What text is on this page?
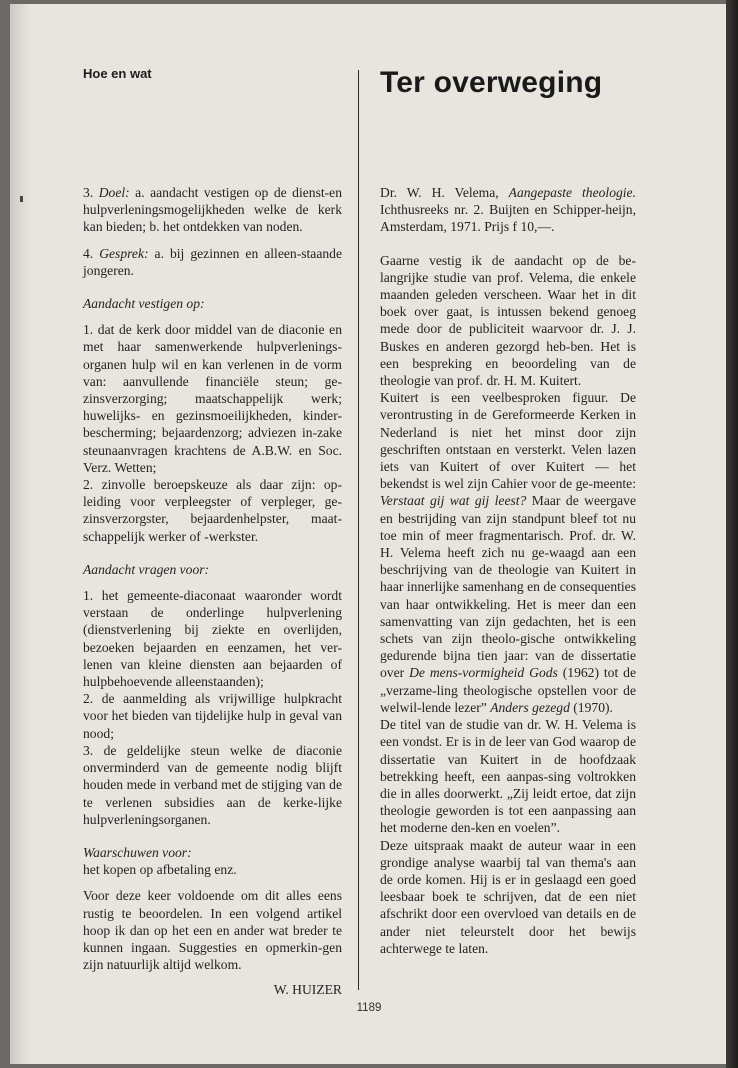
Hoe en wat	Ter overweging

3. Doel: a. aandacht vestigen op de dienst-en hulpverleningsmogelijkheden welke de kerk kan bieden; b. het ontdekken van noden.

4. Gesprek: a. bij gezinnen en alleen-staande jongeren.

Aandacht vestigen op:

1. dat de kerk door middel van de diaconie en met haar samenwerkende hulpverlenings-organen hulp wil en kan verlenen in de vorm van: aanvullende financiële steun; ge-zinsverzorging; maatschappelijk werk; huwelijks- en gezinsmoeilijkheden, kinder-bescherming; bejaardenzorg; adviezen in-zake steunaanvragen krachtens de A.B.W. en Soc. Verz. Wetten;

2. zinvolle beroepskeuze als daar zijn: op-leiding voor verpleegster of verpleger, ge-zinsverzorgster, bejaardenhelpster, maat-schappelijk werker of -werkster.

Aandacht vragen voor:

1. het gemeente-diaconaat waaronder wordt verstaan de onderlinge hulpverlening (dienstverlening bij ziekte en overlijden, bezoeken bejaarden en eenzamen, het ver-lenen van kleine diensten aan bejaarden of hulpbehoevende alleenstaanden);

2. de aanmelding als vrijwillige hulpkracht voor het bieden van tijdelijke hulp in geval van nood;

3. de geldelijke steun welke de diaconie onverminderd van de gemeente nodig blijft houden mede in verband met de stijging van de te verlenen subsidies aan de kerke-lijke hulpverleningsorganen.

Waarschuwen voor:

het kopen op afbetaling enz.

Voor deze keer voldoende om dit alles eens rustig te beoordelen. In een volgend artikel hoop ik dan op het een en ander wat breder te kunnen ingaan. Suggesties en opmerkin-gen zijn natuurlijk altijd welkom.

W. HUIZER

Dr. W. H. Velema, Aangepaste theologie. Ichthusreeks nr. 2. Buijten en Schipper-heijn, Amsterdam, 1971. Prijs f 10,—.

Gaarne vestig ik de aandacht op de be-langrijke studie van prof. Velema, die enkele maanden geleden verscheen. Waar het in dit boek over gaat, is intussen bekend genoeg mede door de publiciteit waarvoor dr. J. J. Buskes en anderen gezorgd heb-ben. Het is een bespreking en beoordeling van de theologie van prof. dr. H. M. Kuitert.

Kuitert is een veelbesproken figuur. De verontrusting in de Gereformeerde Kerken in Nederland is niet het minst door zijn geschriften ontstaan en versterkt. Velen lazen iets van Kuitert of over Kuitert — het bekendst is wel zijn Cahier voor de ge-meente: Verstaat gij wat gij leest? Maar de weergave en bestrijding van zijn standpunt bleef tot nu toe min of meer fragmentarisch. Prof. dr. W. H. Velema heeft zich nu ge-waagd aan een beschrijving van de theologie van Kuitert in haar innerlijke samenhang en de consequenties van haar ontwikkeling. Het is meer dan een samenvatting van zijn gedachten, het is een schets van zijn theolo-gische ontwikkeling gedurende bijna tien jaar: van de dissertatie over De mens-vormigheid Gods (1962) tot de „verzame-ling theologische opstellen voor de welwil-lende lezer” Anders gezegd (1970).

De titel van de studie van dr. W. H. Velema is een vondst. Er is in de leer van God waarop de dissertatie van Kuitert in de hoofdzaak betrekking heeft, een aanpas-sing voltrokken die in alles doorwerkt. „Zij leidt ertoe, dat zijn theologie geworden is tot een aanpassing aan het moderne den-ken en voelen”.

Deze uitspraak maakt de auteur waar in een grondige analyse waarbij tal van thema's aan de orde komen. Hij is er in geslaagd een goed leesbaar boek te schrijven, dat de een niet afschrikt door een overvloed van details en de ander niet teleurstelt door het bewijs achterwege te laten.

1189
